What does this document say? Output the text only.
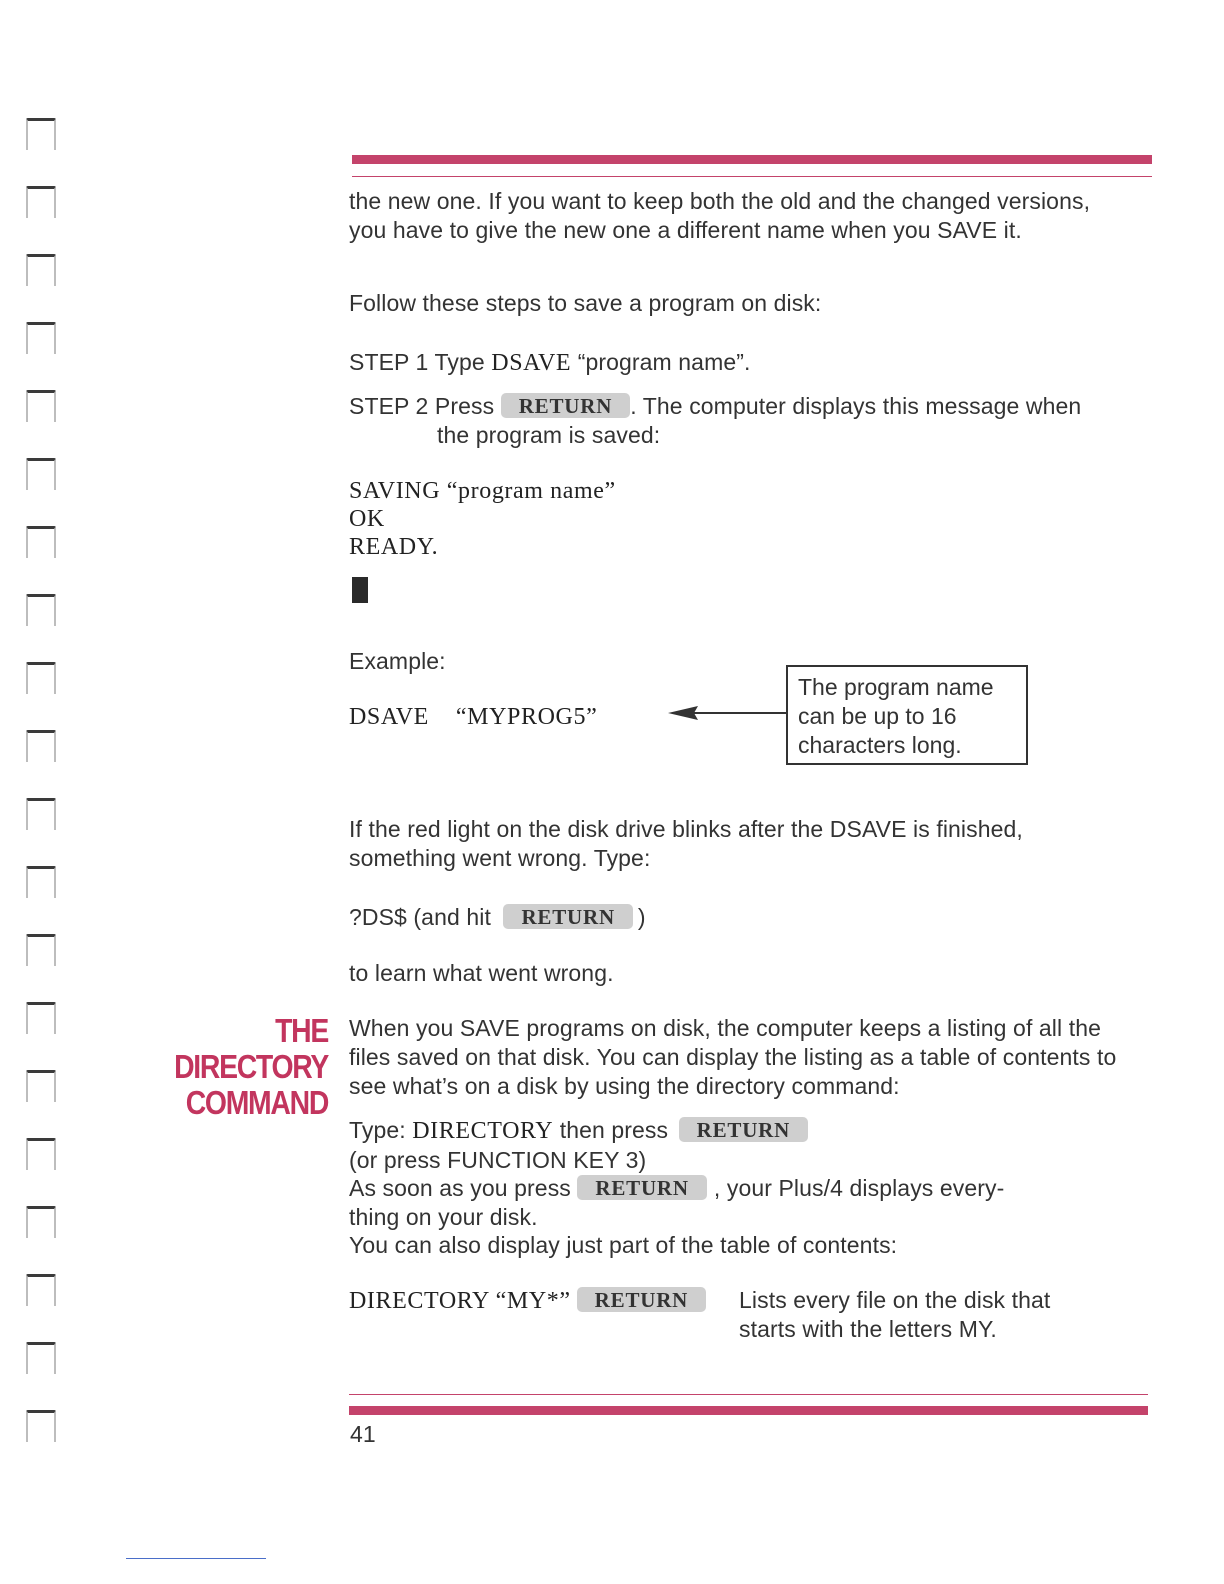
the new one. If you want to keep both the old and the changed versions, you have to give the new one a different name when you SAVE it.
Follow these steps to save a program on disk:
STEP 1 Type DSAVE “program name”.
STEP 2 Press RETURN . The computer displays this message when
the program is saved:
SAVING “program name”
OK
READY.
Example:
DSAVE “MYPROG5”
The program name can be up to 16 characters long.
If the red light on the disk drive blinks after the DSAVE is finished, something went wrong. Type:
?DS$ (and hit RETURN )
to learn what went wrong.
THE
DIRECTORY
COMMAND
When you SAVE programs on disk, the computer keeps a listing of all the files saved on that disk. You can display the listing as a table of contents to see what’s on a disk by using the directory command:
Type: DIRECTORY then press RETURN
(or press FUNCTION KEY 3)
As soon as you press RETURN , your Plus/4 displays every-
thing on your disk.
You can also display just part of the table of contents:
DIRECTORY “MY*” RETURN	Lists every file on the disk that
starts with the letters MY.
41
